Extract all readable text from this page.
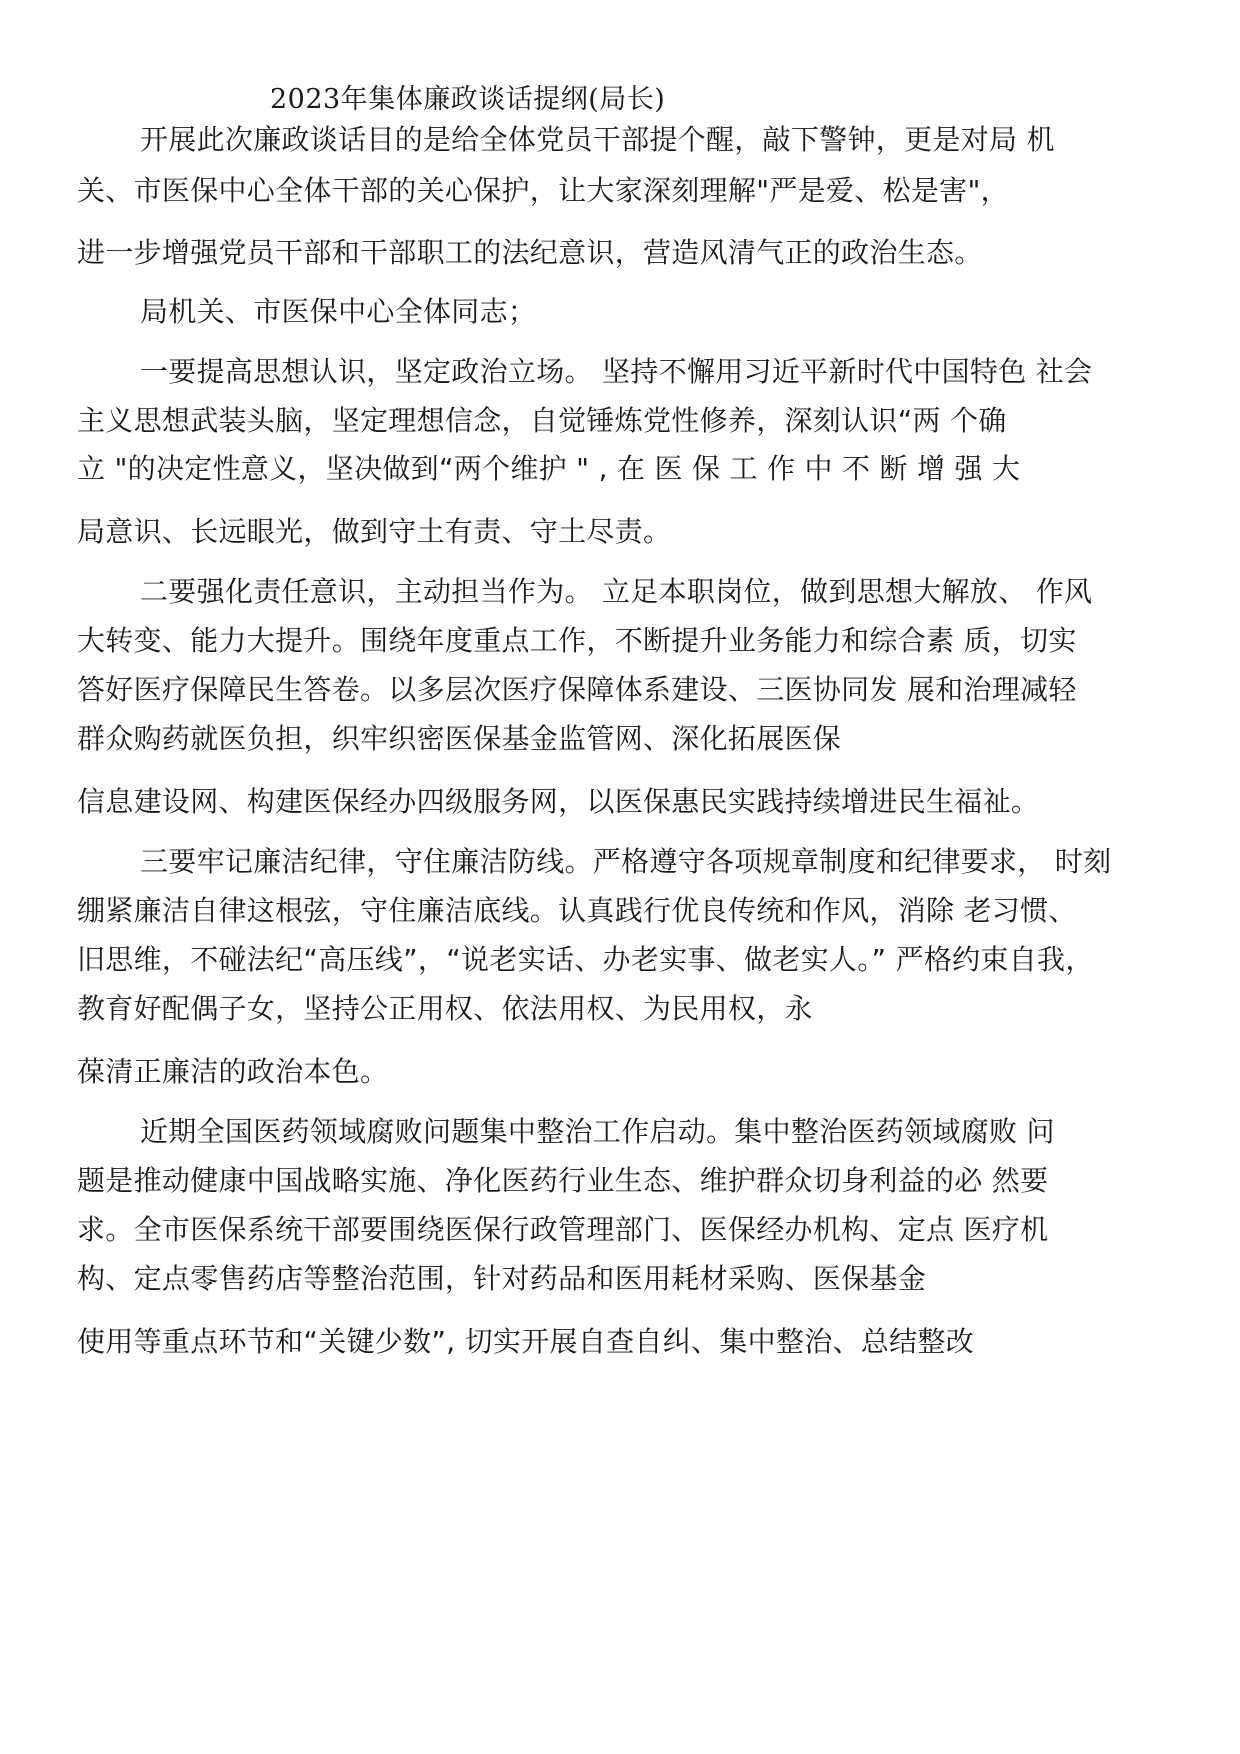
2023年集体廉政谈话提纲(局长)
开展此次廉政谈话目的是给全体党员干部提个醒，敲下警钟，更是对局 机
关、市医保中心全体干部的关心保护，让大家深刻理解"严是爱、松是害"，
进一步增强党员干部和干部职工的法纪意识，营造风清气正的政治生态。
局机关、市医保中心全体同志；
一要提高思想认识，坚定政治立场。 坚持不懈用习近平新时代中国特色 社会
主义思想武装头脑，坚定理想信念，自觉锤炼党性修养，深刻认识“两 个确
立 "的决定性意义，坚决做到“两个维护 " , 在 医 保 工 作 中 不 断 增 强 大
局意识、长远眼光，做到守土有责、守土尽责。
二要强化责任意识，主动担当作为。 立足本职岗位，做到思想大解放、 作风
大转变、能力大提升。围绕年度重点工作，不断提升业务能力和综合素 质，切实
答好医疗保障民生答卷。以多层次医疗保障体系建设、三医协同发 展和治理减轻
群众购药就医负担，织牢织密医保基金监管网、深化拓展医保
信息建设网、构建医保经办四级服务网，以医保惠民实践持续增进民生福祉。
三要牢记廉洁纪律，守住廉洁防线。严格遵守各项规章制度和纪律要求， 时刻
绷紧廉洁自律这根弦，守住廉洁底线。认真践行优良传统和作风，消除 老习惯、
旧思维，不碰法纪“高压线”，“说老实话、办老实事、做老实人。” 严格约束自我，
教育好配偶子女，坚持公正用权、依法用权、为民用权，永
葆清正廉洁的政治本色。
近期全国医药领域腐败问题集中整治工作启动。集中整治医药领域腐败 问
题是推动健康中国战略实施、净化医药行业生态、维护群众切身利益的必 然要
求。全市医保系统干部要围绕医保行政管理部门、医保经办机构、定点 医疗机
构、定点零售药店等整治范围，针对药品和医用耗材采购、医保基金
使用等重点环节和“关键少数”, 切实开展自查自纠、集中整治、总结整改
